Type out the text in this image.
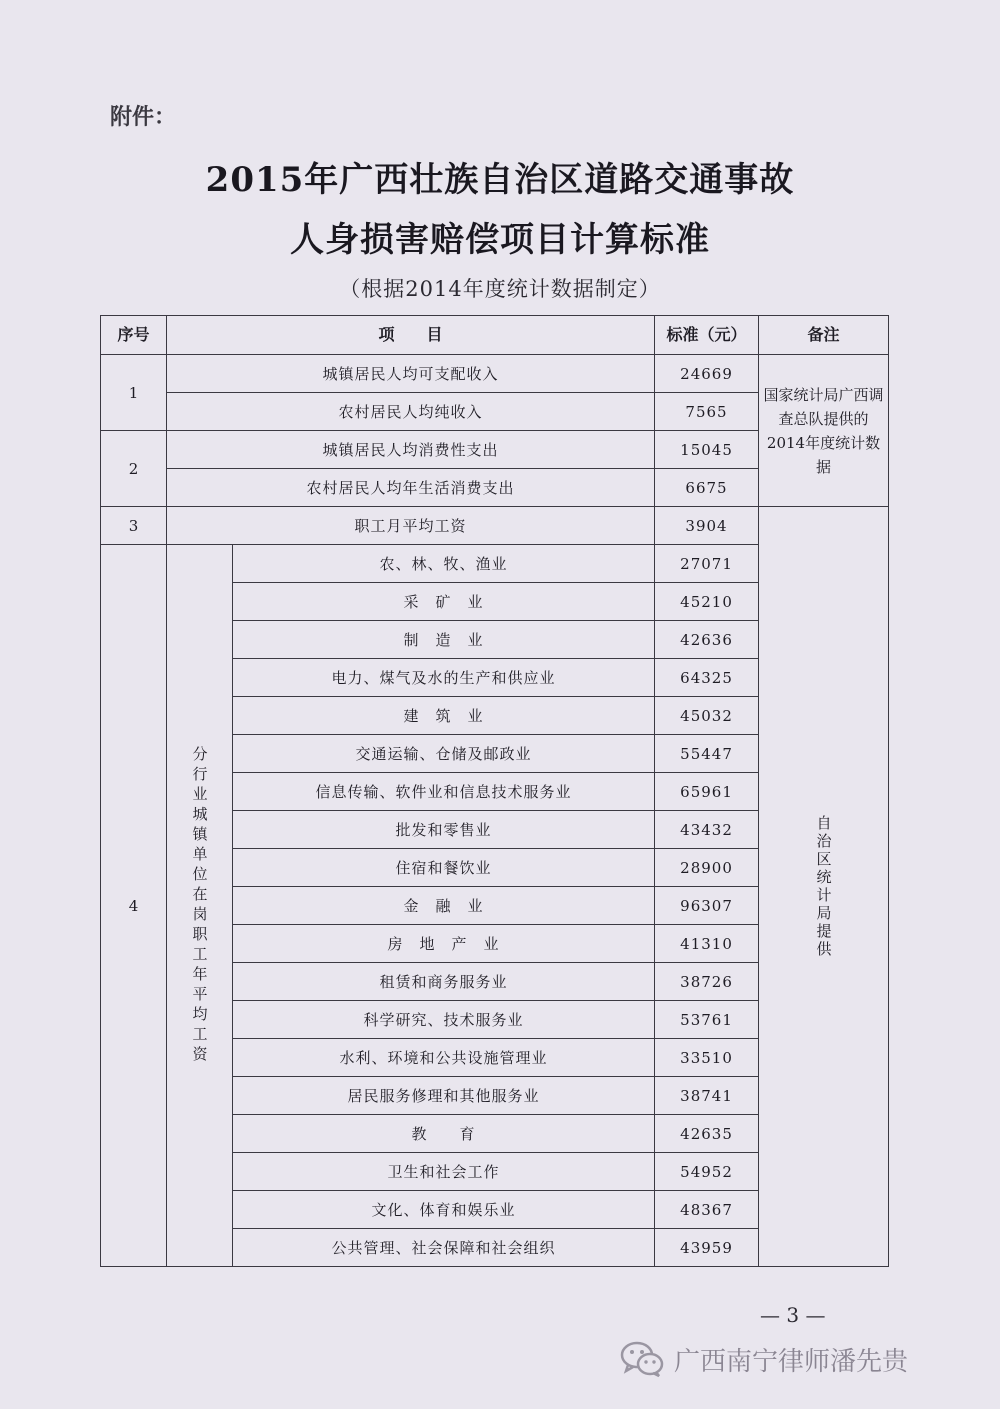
附件：
2015年广西壮族自治区道路交通事故
人身损害赔偿项目计算标准
（根据2014年度统计数据制定）
序号	项　　目		标准（元）	备注
1	城镇居民人均可支配收入		24669	国家统计局广西调查总队提供的2014年度统计数据
	农村居民人均纯收入		7565	
2	城镇居民人均消费性支出		15045	
	农村居民人均年生活消费支出		6675	
3	职工月平均工资		3904	自治区统计局提供

4	分行业城镇单位在岗职工年平均工资	农、林、牧、渔业	27071	
		采　矿　业	45210	
		制　造　业	42636	
		电力、煤气及水的生产和供应业	64325	
		建　筑　业	45032	
		交通运输、仓储及邮政业	55447	
		信息传输、软件业和信息技术服务业	65961	
		批发和零售业	43432	
		住宿和餐饮业	28900	
		金　融　业	96307	
		房　地　产　业	41310	
		租赁和商务服务业	38726	
		科学研究、技术服务业	53761	
		水利、环境和公共设施管理业	33510	
		居民服务修理和其他服务业	38741	
		教　　育	42635	
		卫生和社会工作	54952	
		文化、体育和娱乐业	48367	
		公共管理、社会保障和社会组织	43959	
— 3 —
广西南宁律师潘先贵
